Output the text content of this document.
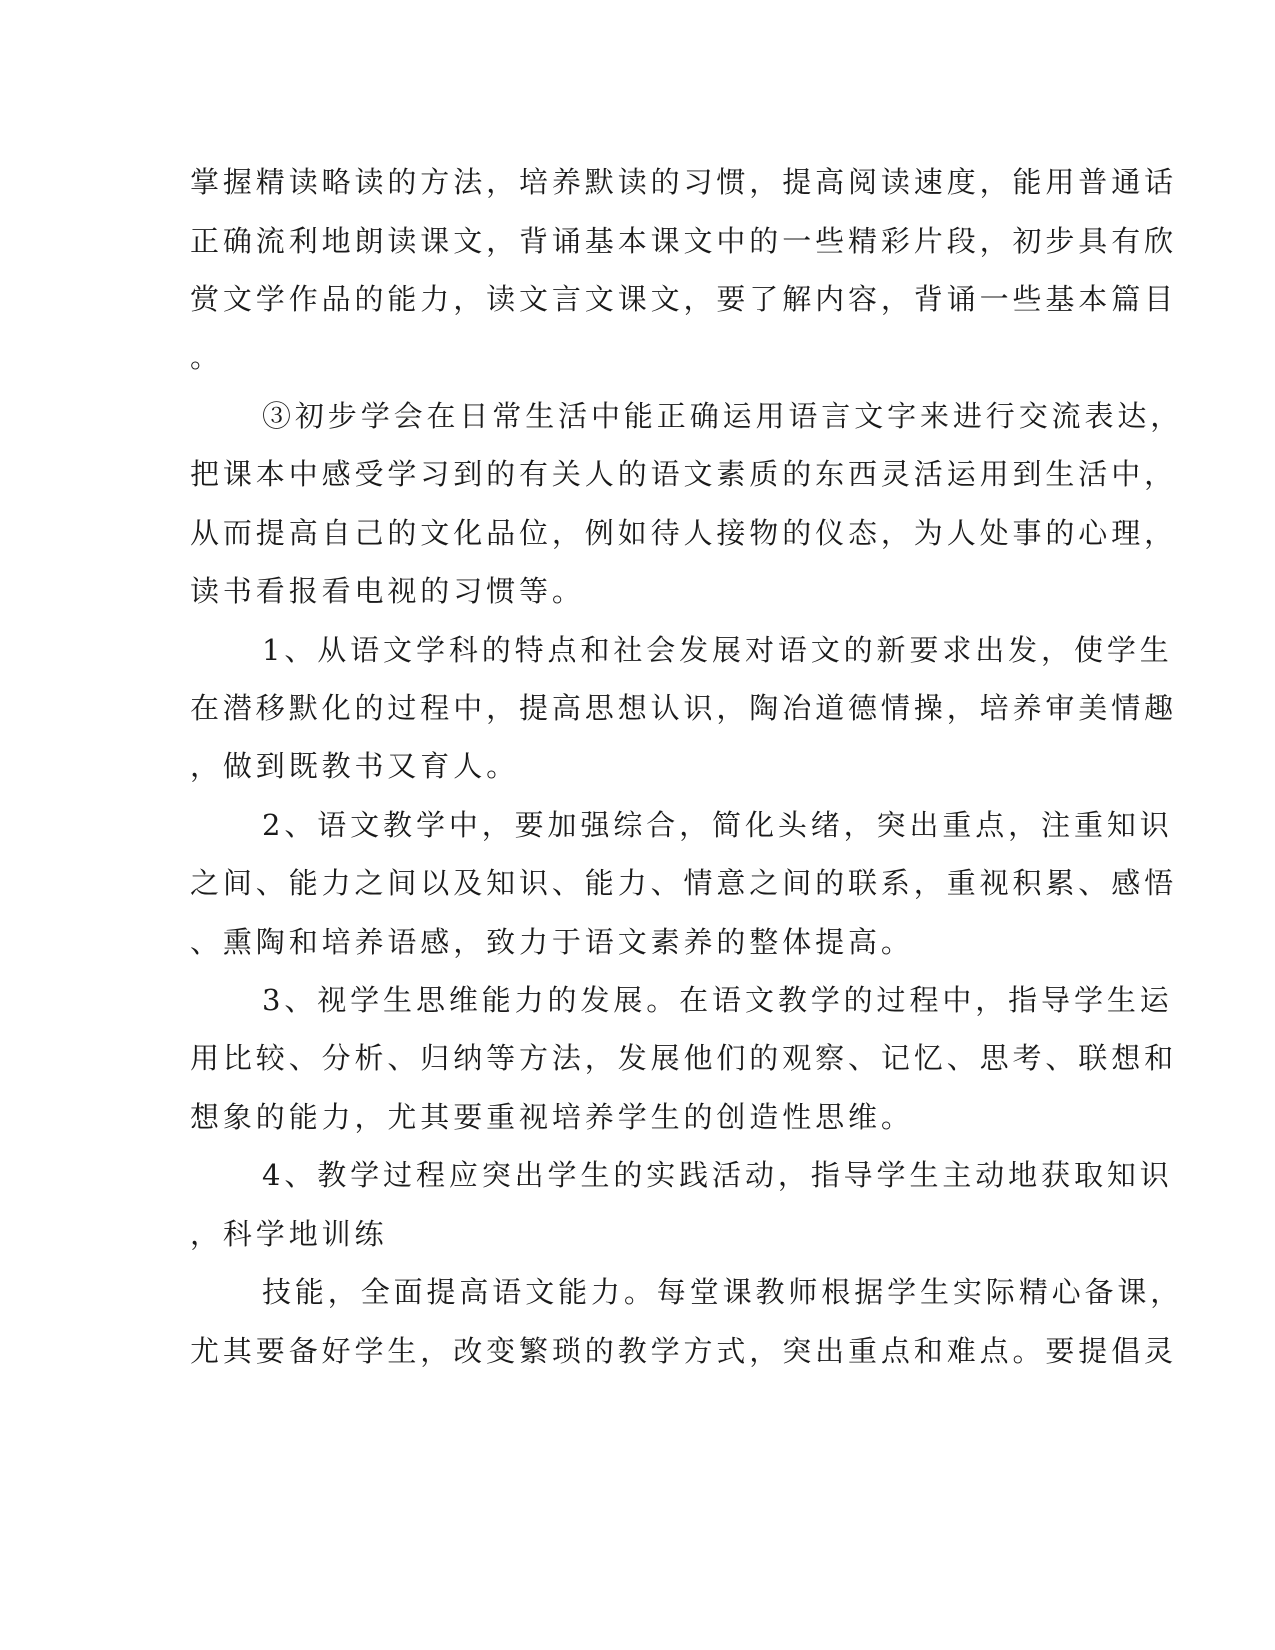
掌握精读略读的方法，培养默读的习惯，提高阅读速度，能用普通话
正确流利地朗读课文，背诵基本课文中的一些精彩片段，初步具有欣
赏文学作品的能力，读文言文课文，要了解内容，背诵一些基本篇目
。
③初步学会在日常生活中能正确运用语言文字来进行交流表达，
把课本中感受学习到的有关人的语文素质的东西灵活运用到生活中，
从而提高自己的文化品位，例如待人接物的仪态，为人处事的心理，
读书看报看电视的习惯等。
1、从语文学科的特点和社会发展对语文的新要求出发，使学生
在潜移默化的过程中，提高思想认识，陶冶道德情操，培养审美情趣
，做到既教书又育人。
2、语文教学中，要加强综合，简化头绪，突出重点，注重知识
之间、能力之间以及知识、能力、情意之间的联系，重视积累、感悟
、熏陶和培养语感，致力于语文素养的整体提高。
3、视学生思维能力的发展。在语文教学的过程中，指导学生运
用比较、分析、归纳等方法，发展他们的观察、记忆、思考、联想和
想象的能力，尤其要重视培养学生的创造性思维。
4、教学过程应突出学生的实践活动，指导学生主动地获取知识
，科学地训练
技能，全面提高语文能力。每堂课教师根据学生实际精心备课，
尤其要备好学生，改变繁琐的教学方式，突出重点和难点。要提倡灵
